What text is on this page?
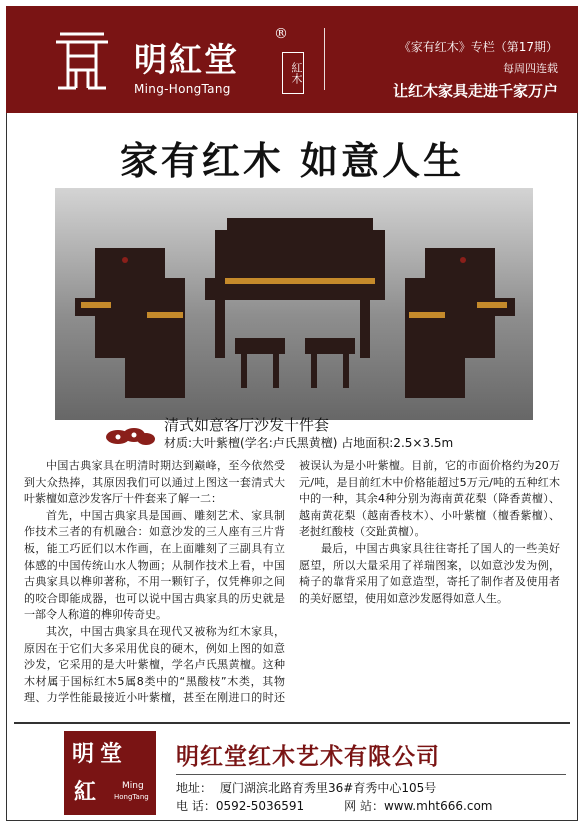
明紅堂
®
Ming-HongTang
紅木
《家有红木》专栏（第17期）
每周四连载
让红木家具走进千家万户
家有红木 如意人生
清式如意客厅沙发十件套
材质:大叶紫檀(学名:卢氏黑黄檀) 占地面积:2.5×3.5m

中国古典家具在明清时期达到巅峰，至今依然受到大众热捧，其原因我们可以通过上图这一套清式大叶紫檀如意沙发客厅十件套来了解一二：

首先，中国古典家具是国画、雕刻艺术、家具制作技术三者的有机融合：如意沙发的三人座有三片背板，能工巧匠们以木作画，在上面雕刻了三副具有立体感的中国传统山水人物画；从制作技术上看，中国古典家具以榫卯著称，不用一颗钉子，仅凭榫卯之间的咬合即能成器，也可以说中国古典家具的历史就是一部令人称道的榫卯传奇史。

其次，中国古典家具在现代又被称为红木家具，原因在于它们大多采用优良的硬木，例如上图的如意沙发，它采用的是大叶紫檀，学名卢氏黑黄檀。这种木材属于国标红木5属8类中的“黑酸枝”木类，其物理、力学性能最接近小叶紫檀，甚至在刚进口的时还被误认为是小叶紫檀。目前，它的市面价格约为20万元/吨，是目前红木中价格能超过5万元/吨的五种红木中的一种，其余4种分别为海南黄花梨（降香黄檀）、越南黄花梨（越南香枝木）、小叶紫檀（檀香紫檀）、老挝红酸枝（交趾黄檀）。

最后，中国古典家具往往寄托了国人的一些美好愿望，所以大量采用了祥瑞图案，以如意沙发为例，椅子的靠背采用了如意造型，寄托了制作者及使用者的美好愿望，使用如意沙发愿得如意人生。

明 堂
紅	Ming
HongTang
明红堂红木艺术有限公司
地址： 厦门湖滨北路育秀里36#育秀中心105号
电 话：0592-5036591	网 站：www.mht666.com
